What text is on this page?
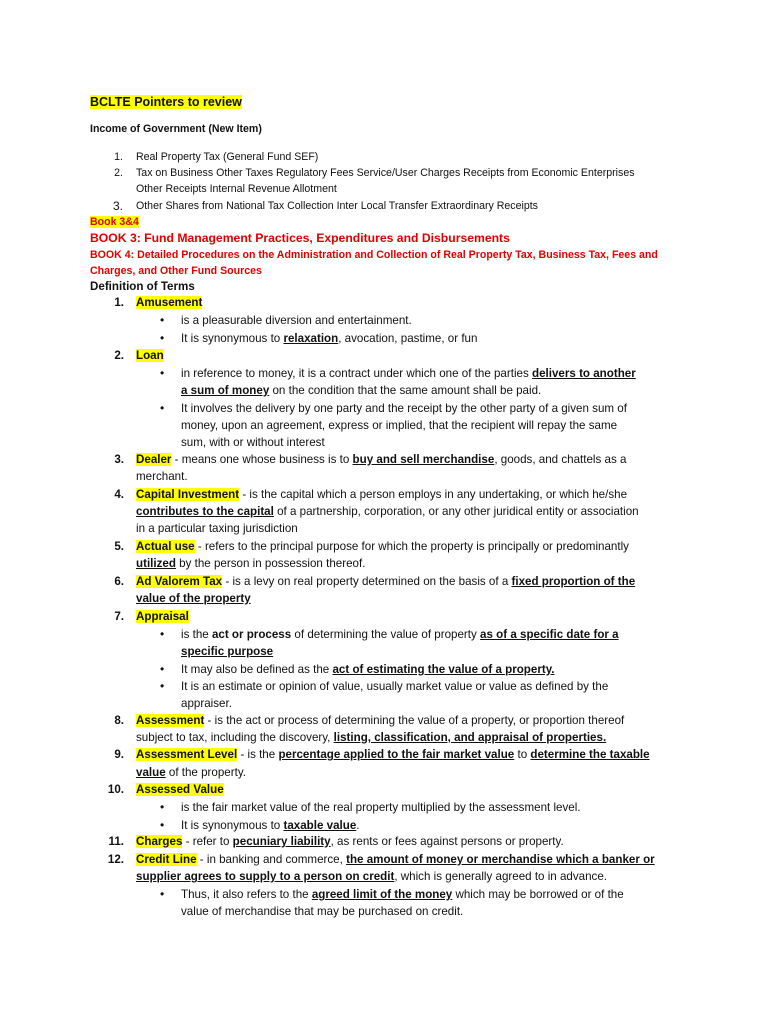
BCLTE Pointers to review
Income of Government (New Item)
1. Real Property Tax (General Fund SEF)
2. Tax on Business Other Taxes Regulatory Fees Service/User Charges Receipts from Economic Enterprises
Other Receipts Internal Revenue Allotment
3. Other Shares from National Tax Collection Inter Local Transfer Extraordinary Receipts
Book 3&4
BOOK 3: Fund Management Practices, Expenditures and Disbursements
BOOK 4: Detailed Procedures on the Administration and Collection of Real Property Tax, Business Tax, Fees and
Charges, and Other Fund Sources
Definition of Terms
1. Amusement
• is a pleasurable diversion and entertainment.
• It is synonymous to relaxation, avocation, pastime, or fun
2. Loan
• in reference to money, it is a contract under which one of the parties delivers to another
a sum of money on the condition that the same amount shall be paid.
• It involves the delivery by one party and the receipt by the other party of a given sum of
money, upon an agreement, express or implied, that the recipient will repay the same
sum, with or without interest
3. Dealer - means one whose business is to buy and sell merchandise, goods, and chattels as a
merchant.
4. Capital Investment - is the capital which a person employs in any undertaking, or which he/she
contributes to the capital of a partnership, corporation, or any other juridical entity or association
in a particular taxing jurisdiction
5. Actual use - refers to the principal purpose for which the property is principally or predominantly
utilized by the person in possession thereof.
6. Ad Valorem Tax - is a levy on real property determined on the basis of a fixed proportion of the
value of the property
7. Appraisal
• is the act or process of determining the value of property as of a specific date for a
specific purpose
• It may also be defined as the act of estimating the value of a property.
• It is an estimate or opinion of value, usually market value or value as defined by the
appraiser.
8. Assessment - is the act or process of determining the value of a property, or proportion thereof
subject to tax, including the discovery, listing, classification, and appraisal of properties.
9. Assessment Level - is the percentage applied to the fair market value to determine the taxable
value of the property.
10. Assessed Value
• is the fair market value of the real property multiplied by the assessment level.
• It is synonymous to taxable value.
11. Charges - refer to pecuniary liability, as rents or fees against persons or property.
12. Credit Line - in banking and commerce, the amount of money or merchandise which a banker or
supplier agrees to supply to a person on credit, which is generally agreed to in advance.
• Thus, it also refers to the agreed limit of the money which may be borrowed or of the
value of merchandise that may be purchased on credit.
